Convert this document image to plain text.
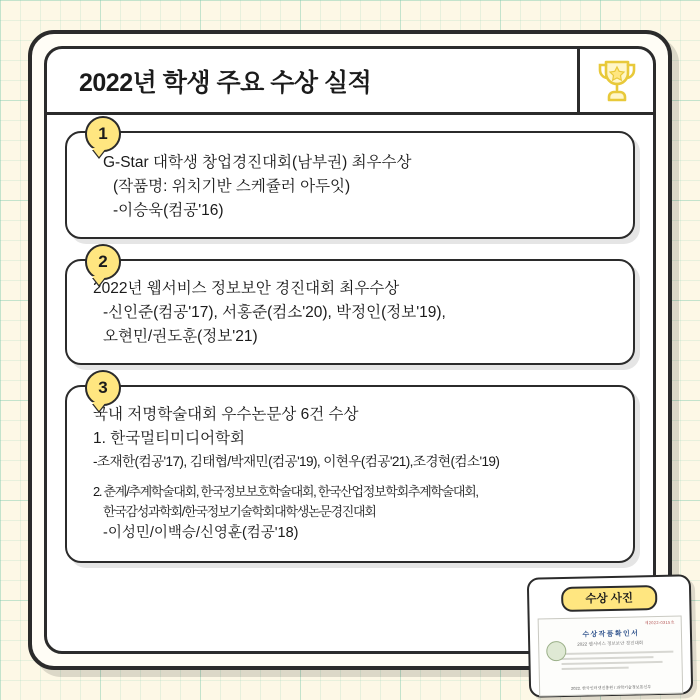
2022년 학생 주요 수상 실적
1
G-Star 대학생 창업경진대회(남부권) 최우수상
(작품명: 위치기반 스케쥴러 아두잇)
-이승욱(컴공'16)
2
2022년 웹서비스 정보보안 경진대회 최우수상
-신인준(컴공'17), 서홍준(컴소'20), 박정인(정보'19),
오현민/권도훈(정보'21)
3
국내 저명학술대회 우수논문상 6건 수상
1. 한국멀티미디어학회
-조재한(컴공'17), 김태협/박재민(컴공'19), 이현우(컴공'21),조경현(컴소'19)
2. 춘계/추계학술대회, 한국정보보호학술대회, 한국산업정보학회추계학술대회,
한국감성과학회/한국정보기술학회대학생논문경진대회
-이성민/이백승/신영훈(컴공'18)
수상 사진
제2022-0315호
수 상 작 품 확 인 서
2022 웹서비스 정보보안 경진대회
2022. 한국인터넷진흥원 / 과학기술정보통신부
